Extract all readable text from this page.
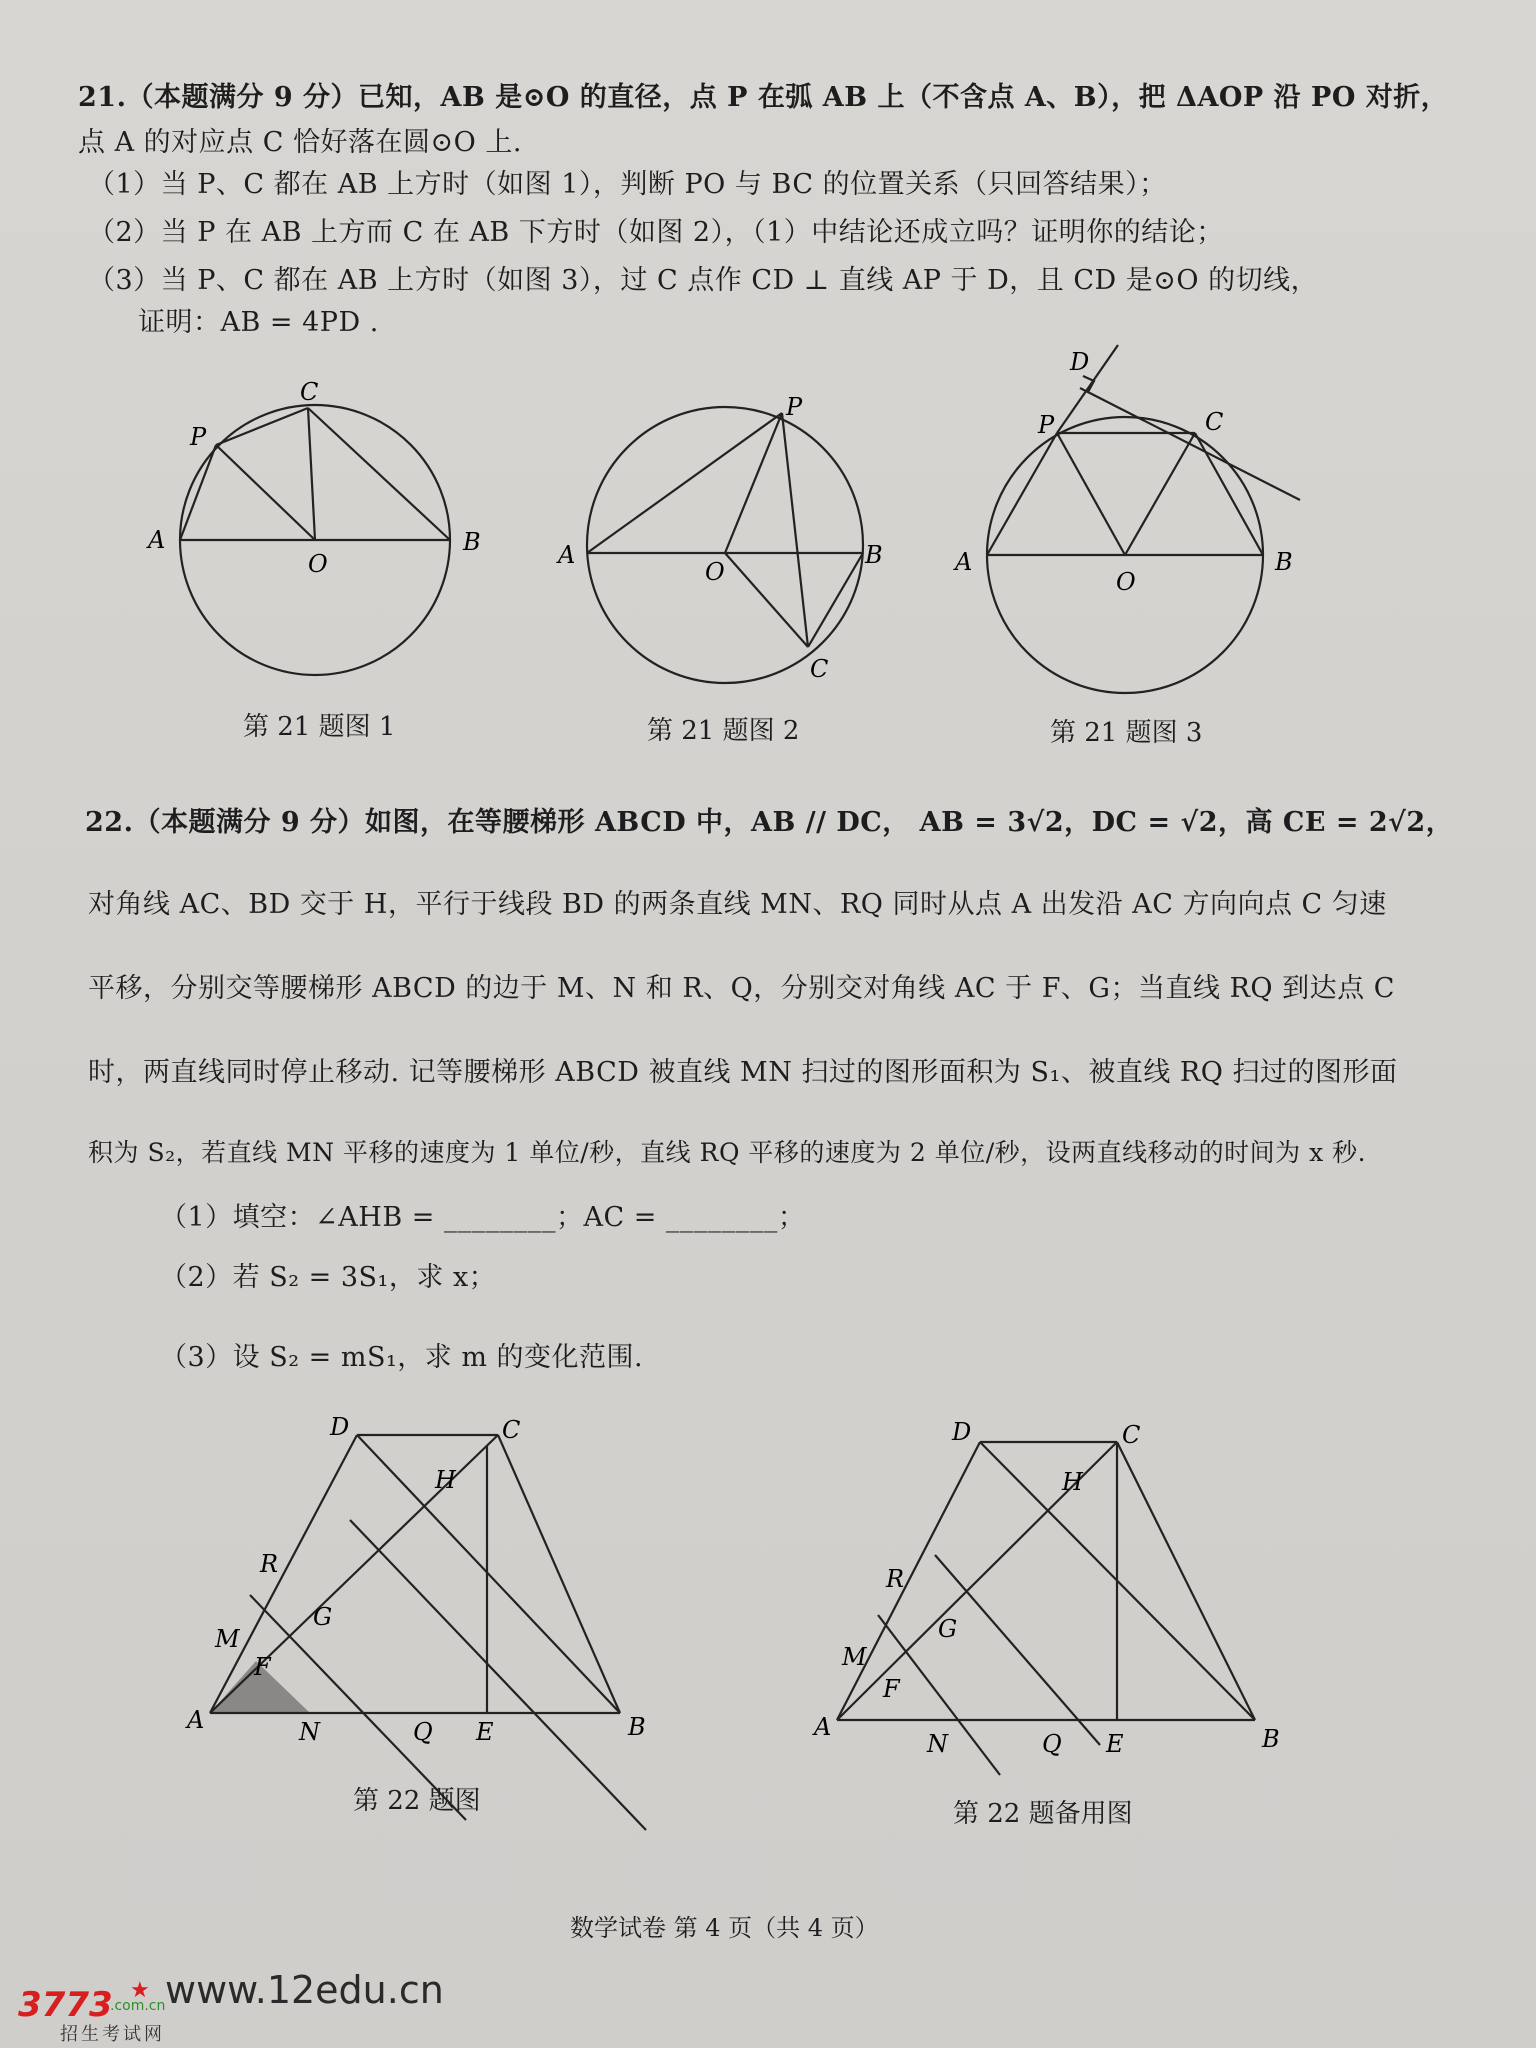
21.（本题满分 9 分）已知，AB 是⊙O 的直径，点 P 在弧 AB 上（不含点 A、B），把 ΔAOP 沿 PO 对折，
点 A 的对应点 C 恰好落在圆⊙O 上.
（1）当 P、C 都在 AB 上方时（如图 1），判断 PO 与 BC 的位置关系（只回答结果）；
（2）当 P 在 AB 上方而 C 在 AB 下方时（如图 2），（1）中结论还成立吗？证明你的结论；
（3）当 P、C 都在 AB 上方时（如图 3），过 C 点作 CD ⊥ 直线 AP 于 D，且 CD 是⊙O 的切线，
证明：AB = 4PD .
A	B
P
C
O
第 21 题图 1
A	B
P
C
O
第 21 题图 2
D
P	C
A	B
O
第 21 题图 3
22.（本题满分 9 分）如图，在等腰梯形 ABCD 中，AB // DC， AB = 3√2，DC = √2，高 CE = 2√2，
对角线 AC、BD 交于 H，平行于线段 BD 的两条直线 MN、RQ 同时从点 A 出发沿 AC 方向向点 C 匀速
平移，分别交等腰梯形 ABCD 的边于 M、N 和 R、Q，分别交对角线 AC 于 F、G；当直线 RQ 到达点 C
时，两直线同时停止移动. 记等腰梯形 ABCD 被直线 MN 扫过的图形面积为 S₁、被直线 RQ 扫过的图形面
积为 S₂，若直线 MN 平移的速度为 1 单位/秒，直线 RQ 平移的速度为 2 单位/秒，设两直线移动的时间为 x 秒.
（1）填空：∠AHB = ________；AC = ________；
（2）若 S₂ = 3S₁，求 x；
（3）设 S₂ = mS₁，求 m 的变化范围.
D	C
H
R
G
M
F
A	N	Q E	B
第 22 题图
D	C
H
R
G
M
F
A
N	Q E	B
第 22 题备用图
数学试卷 第 4 页（共 4 页）
www.12edu.cn
3773
.com.cn
★
招生考试网
